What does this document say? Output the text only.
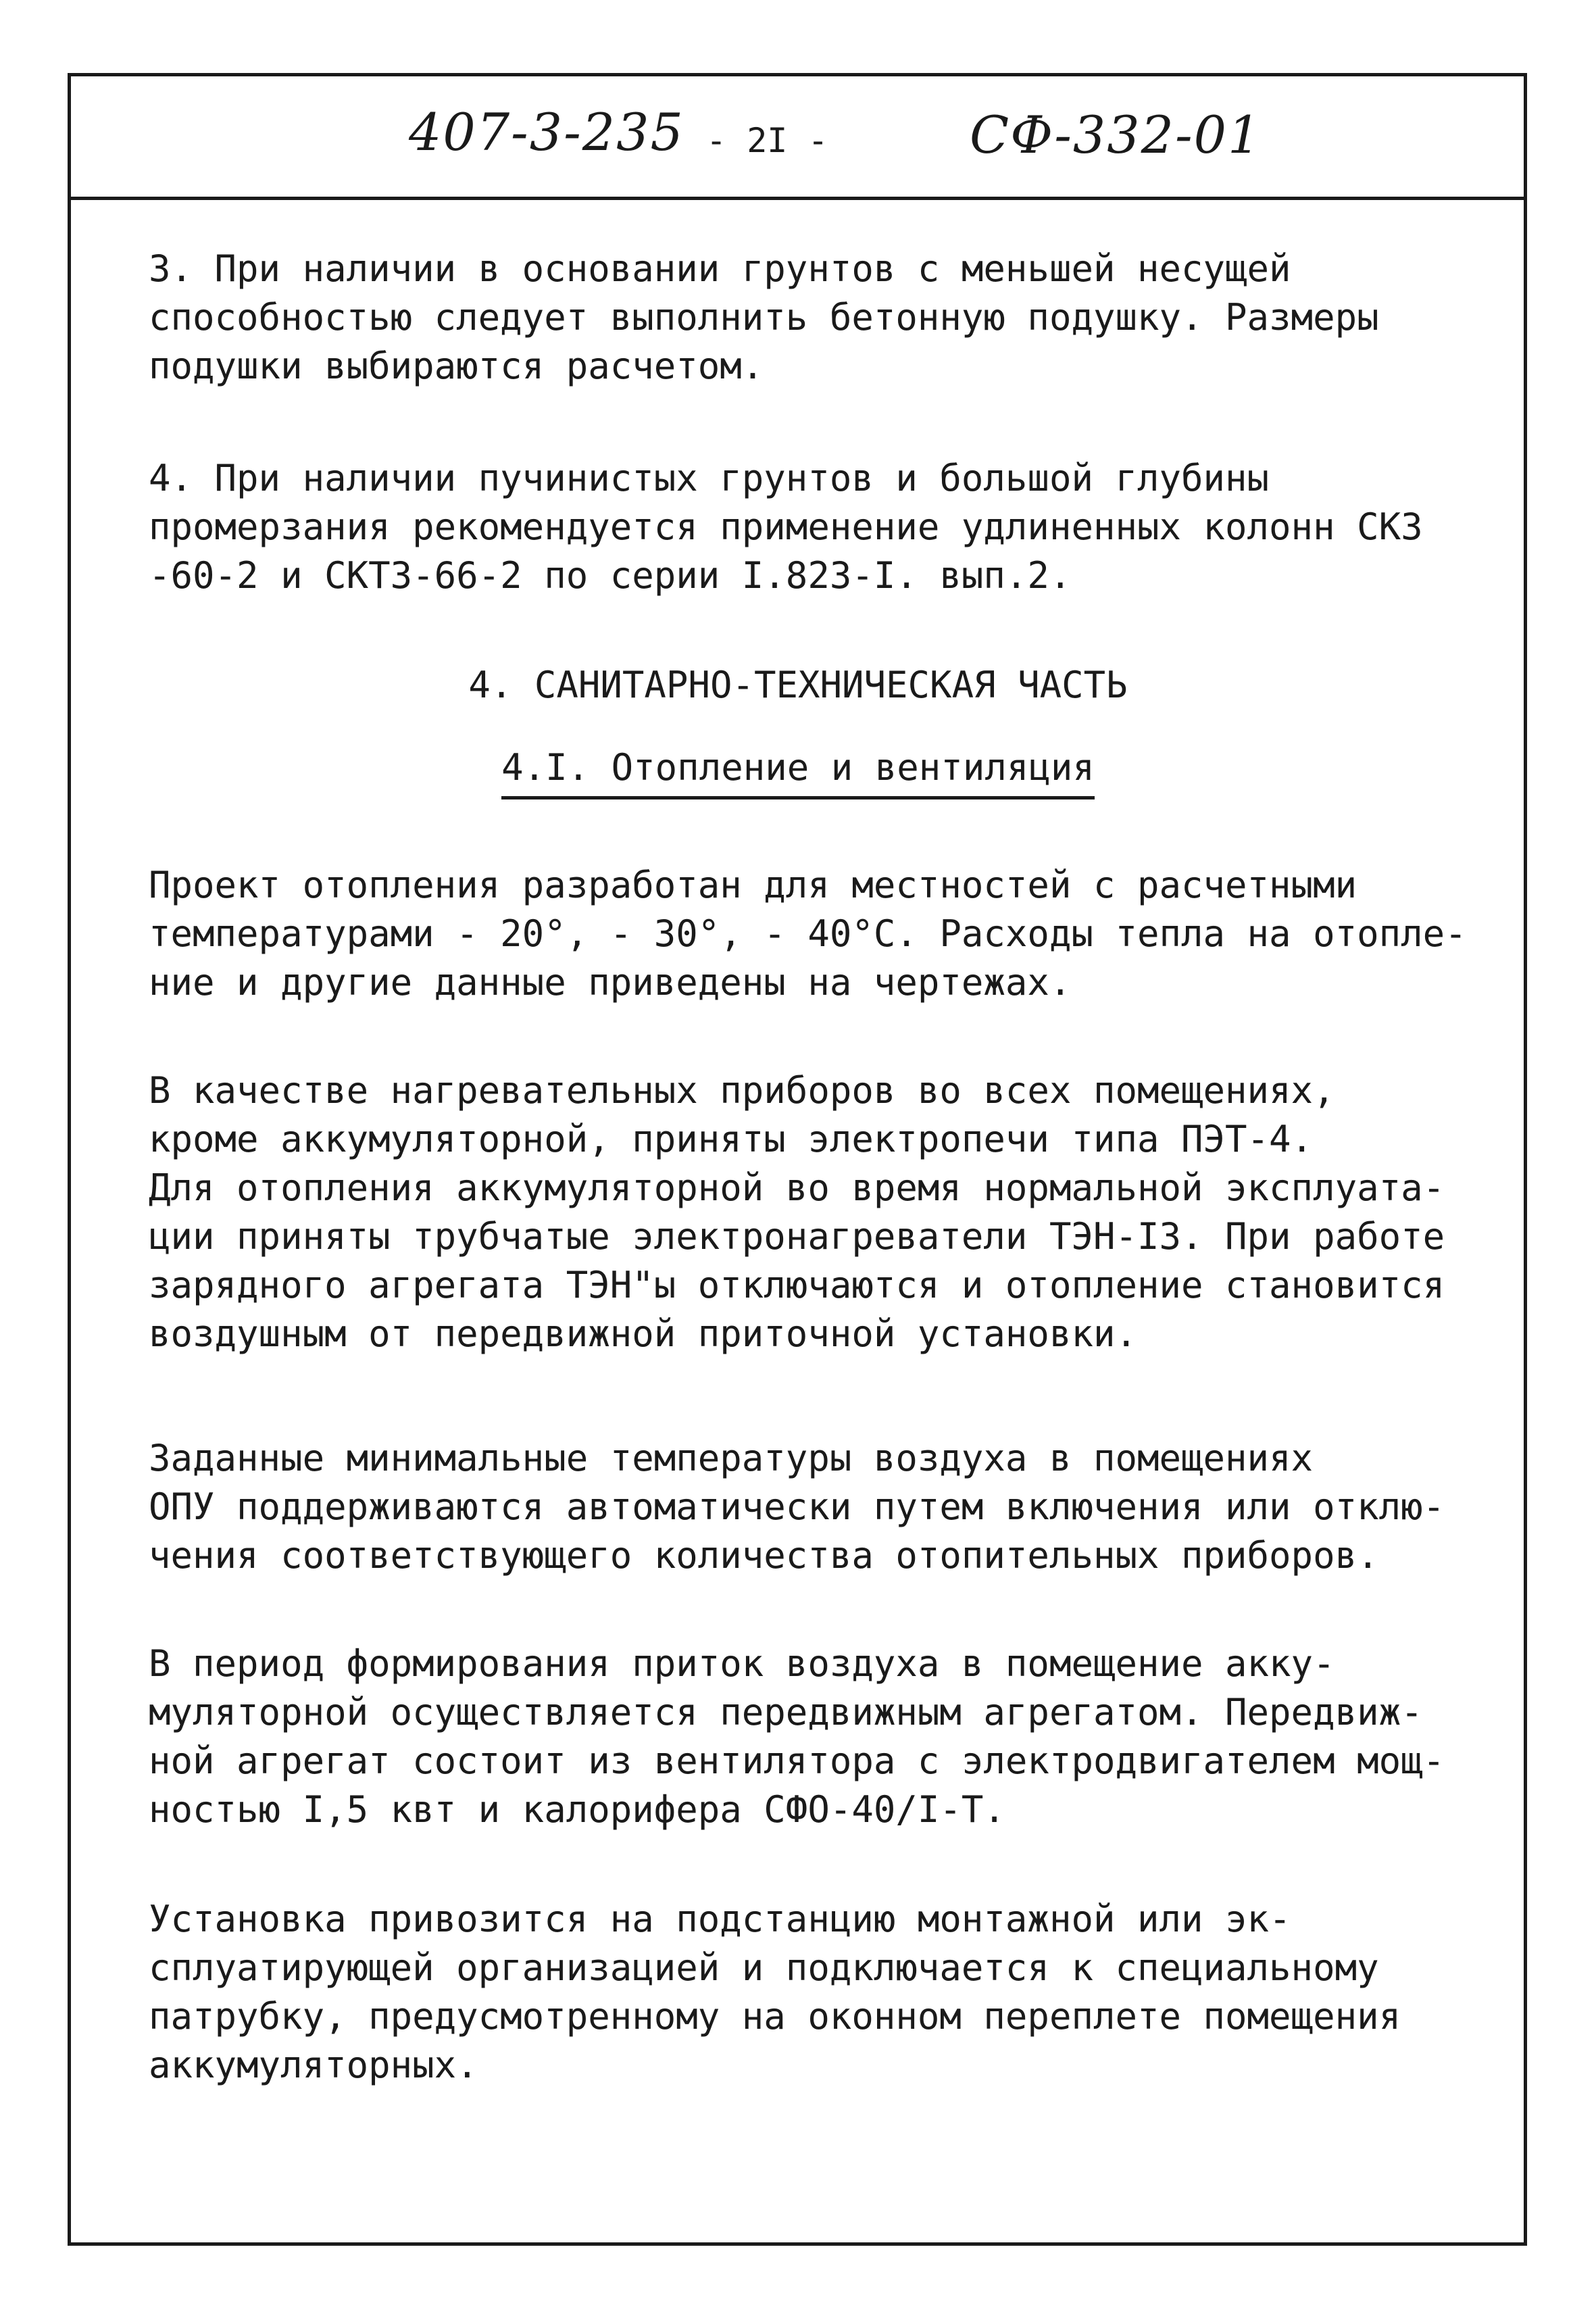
407-3-235 - 2I -	СФ-332-01
3. При наличии в основании грунтов с меньшей несущей
способностью следует выполнить бетонную подушку. Размеры
подушки выбираются расчетом.
4. При наличии пучинистых грунтов и большой глубины
промерзания рекомендуется применение удлиненных колонн СКЗ
-60-2 и СКТЗ-66-2 по серии I.823-I. вып.2.
4. САНИТАРНО-ТЕХНИЧЕСКАЯ ЧАСТЬ
4.I. Отопление и вентиляция
Проект отопления разработан для местностей с расчетными
температурами - 20°, - 30°, - 40°С. Расходы тепла на отопле-
ние и другие данные приведены на чертежах.
В качестве нагревательных приборов во всех помещениях,
кроме аккумуляторной, приняты электропечи типа ПЭТ-4.
Для отопления аккумуляторной во время нормальной эксплуата-
ции приняты трубчатые электронагреватели ТЭН-I3. При работе
зарядного агрегата ТЭН"ы отключаются и отопление становится
воздушным от передвижной приточной установки.
Заданные минимальные температуры воздуха в помещениях
ОПУ поддерживаются автоматически путем включения или отклю-
чения соответствующего количества отопительных приборов.
В период формирования приток воздуха в помещение акку-
муляторной осуществляется передвижным агрегатом. Передвиж-
ной агрегат состоит из вентилятора с электродвигателем мощ-
ностью I,5 квт и калорифера СФО-40/I-Т.
Установка привозится на подстанцию монтажной или эк-
сплуатирующей организацией и подключается к специальному
патрубку, предусмотренному на оконном переплете помещения
аккумуляторных.
